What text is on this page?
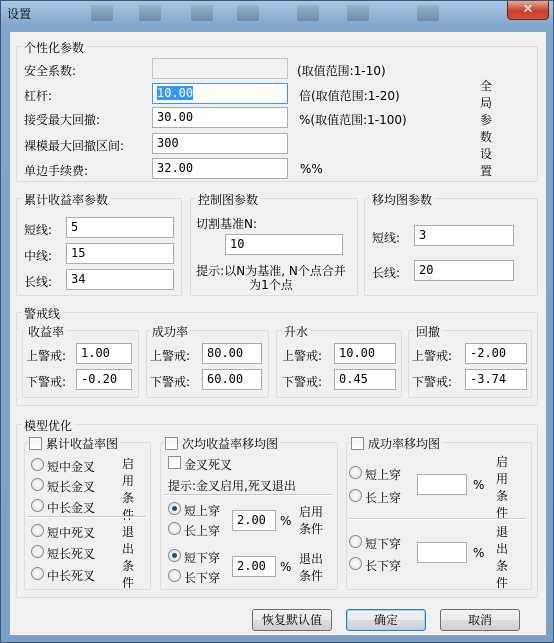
设置	✕
个性化参数
安全系数:	(取值范围:1-10)
杠杆:	10.00	倍(取值范围:1-20)
接受最大回撤:	30.00	%(取值范围:1-100)
裸模最大回撤区间:	300
单边手续费:	32.00	%%
全局参数设置
累计收益率参数
短线:	5
中线:	15
长线:	34
控制图参数
切割基准N:
10
提示:以N为基准, N个点合并为1个点
移均图参数
短线:	3
长线:	20
警戒线
收益率
上警戒:	1.00
下警戒:	-0.20
成功率
上警戒:	80.00
下警戒:	60.00
升水
上警戒:	10.00
下警戒:	0.45
回撤
上警戒:	-2.00
下警戒:	-3.74
模型优化
累计收益率图
短中金叉
短长金叉
中长金叉
启用条件
短中死叉
短长死叉
中长死叉
退出条件
次均收益率移均图
金叉死叉
提示:金叉启用,死叉退出
短上穿
长上穿
2.00	%
启用条件
短下穿
长下穿
2.00	%
退出条件
成功率移均图
短上穿
长上穿
%
启用条件
短下穿
长下穿
%
退出条件
恢复默认值	确定	取消
